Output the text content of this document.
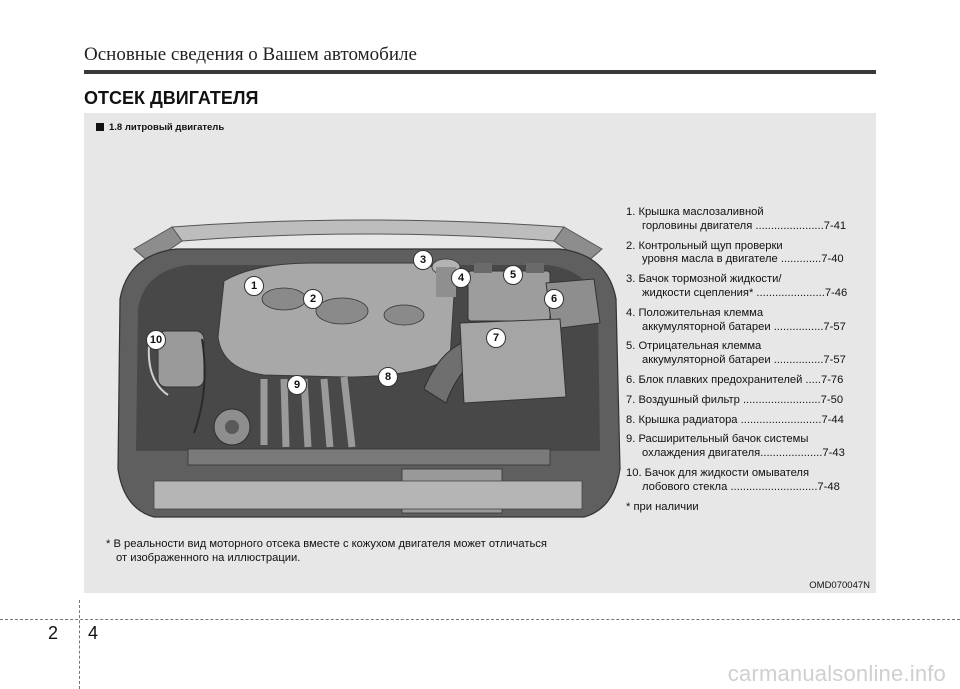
Основные сведения о Вашем автомобиле
ОТСЕК ДВИГАТЕЛЯ
1.8 литровый двигатель
1
2
3
4	5
6
7
8
9
10
1. Крышка маслозаливной
горловины двигателя ......................7-41
2. Контрольный щуп проверки
уровня масла в двигателе .............7-40
3. Бачок тормозной жидкости/
жидкости сцепления* ......................7-46
4. Положительная клемма
аккумуляторной батареи ................7-57
5. Отрицательная клемма
аккумуляторной батареи ................7-57
6. Блок плавких предохранителей .....7-76
7. Воздушный фильтр .........................7-50
8. Крышка радиатора ..........................7-44
9. Расширительный бачок системы
охлаждения двигателя....................7-43
10. Бачок для жидкости омывателя
лобового стекла ............................7-48
* при наличии
* В реальности вид моторного отсека вместе с кожухом двигателя может отличаться
от изображенного на иллюстрации.
OMD070047N
2 4
carmanualsonline.info
